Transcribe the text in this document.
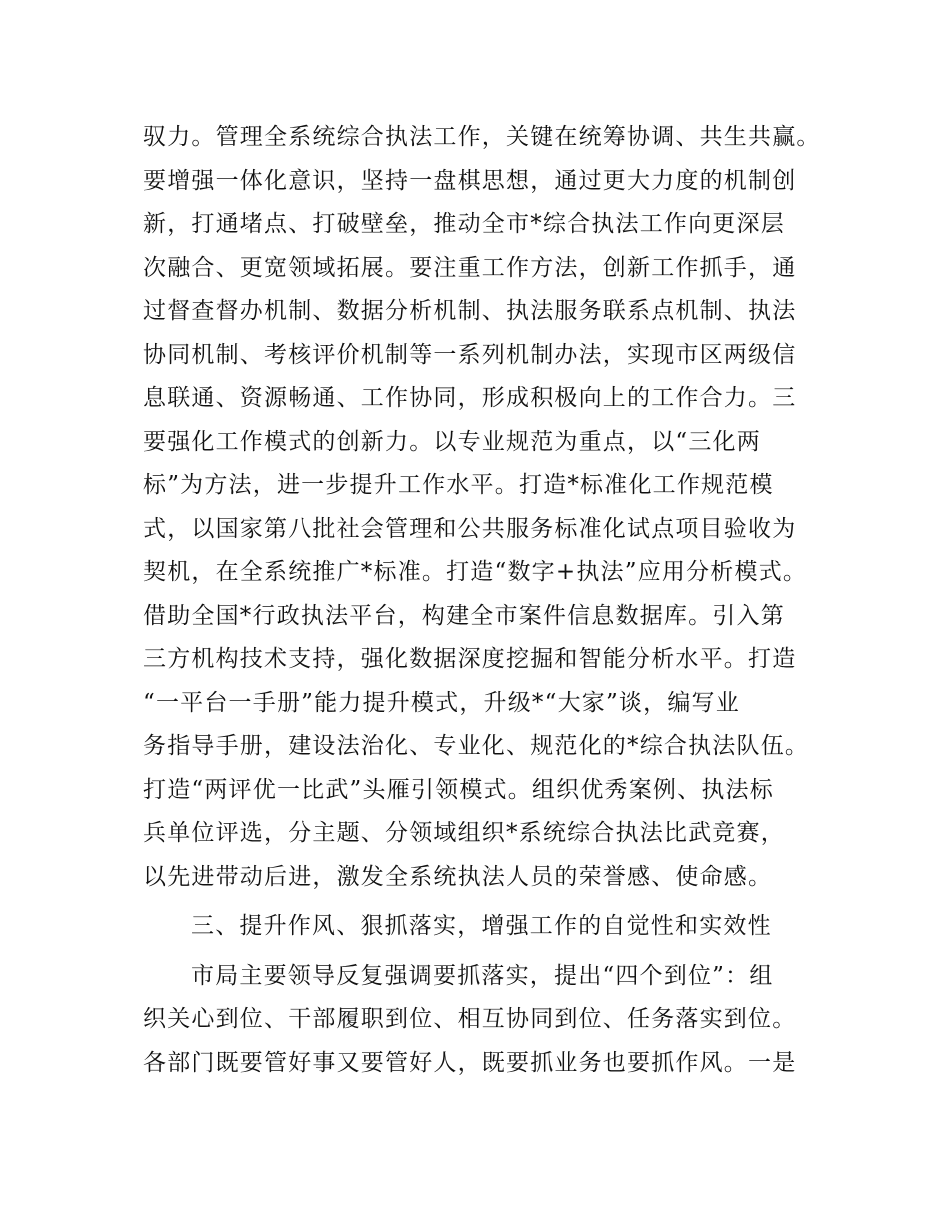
驭力。管理全系统综合执法工作，关键在统筹协调、共生共赢。
要增强一体化意识，坚持一盘棋思想，通过更大力度的机制创
新，打通堵点、打破壁垒，推动全市*综合执法工作向更深层
次融合、更宽领域拓展。要注重工作方法，创新工作抓手，通
过督查督办机制、数据分析机制、执法服务联系点机制、执法
协同机制、考核评价机制等一系列机制办法，实现市区两级信
息联通、资源畅通、工作协同，形成积极向上的工作合力。三
要强化工作模式的创新力。以专业规范为重点，以“三化两
标”为方法，进一步提升工作水平。打造*标准化工作规范模
式，以国家第八批社会管理和公共服务标准化试点项目验收为
契机，在全系统推广*标准。打造“数字+执法”应用分析模式。
借助全国*行政执法平台，构建全市案件信息数据库。引入第
三方机构技术支持，强化数据深度挖掘和智能分析水平。打造
“一平台一手册”能力提升模式，升级*“大家”谈，编写业
务指导手册，建设法治化、专业化、规范化的*综合执法队伍。
打造“两评优一比武”头雁引领模式。组织优秀案例、执法标
兵单位评选，分主题、分领域组织*系统综合执法比武竞赛，
以先进带动后进，激发全系统执法人员的荣誉感、使命感。
三、提升作风、狠抓落实，增强工作的自觉性和实效性
市局主要领导反复强调要抓落实，提出“四个到位”：组
织关心到位、干部履职到位、相互协同到位、任务落实到位。
各部门既要管好事又要管好人，既要抓业务也要抓作风。一是
